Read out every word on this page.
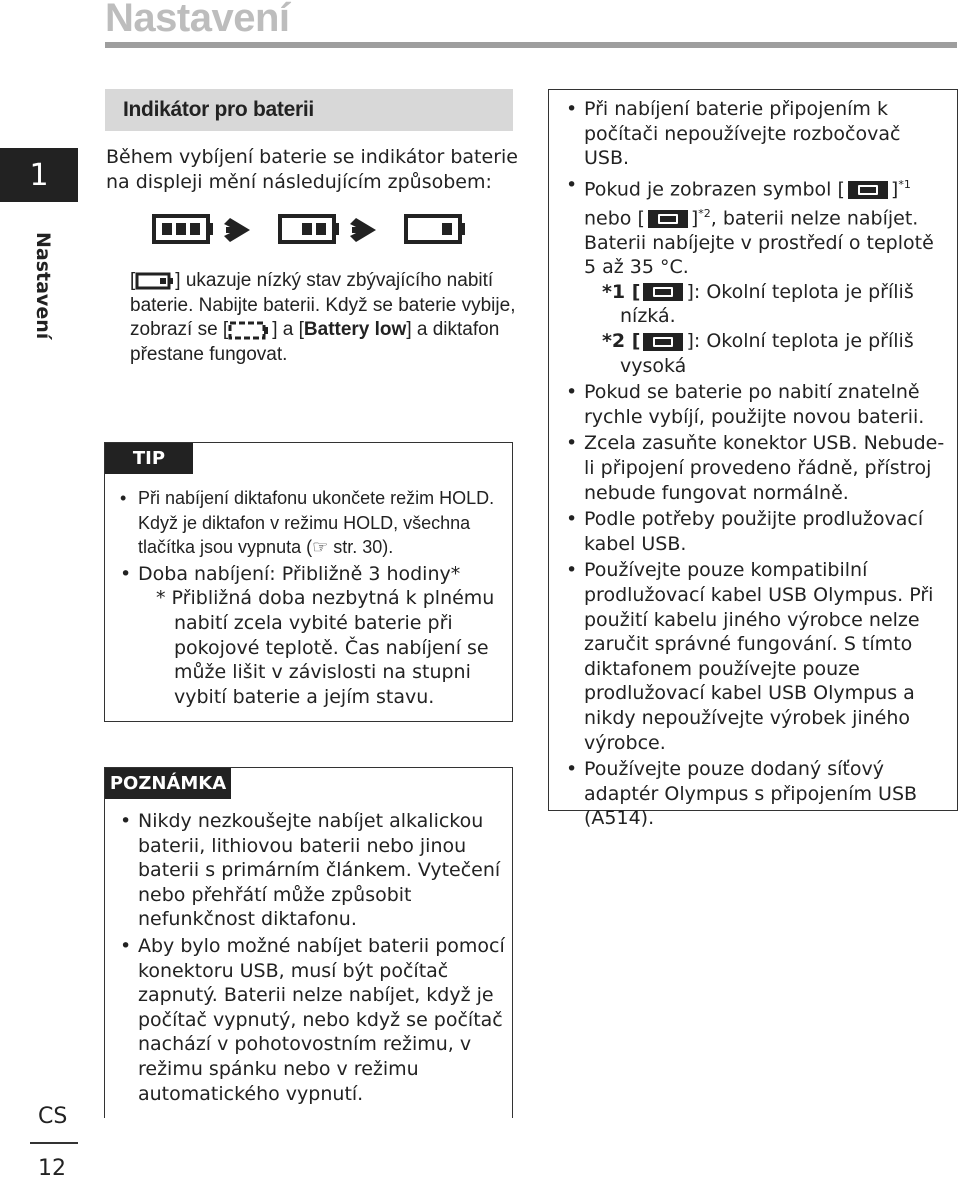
Nastavení
1
Nastavení
CS
12
Indikátor pro baterii
Během vybíjení baterie se indikátor baterie na displeji mění následujícím způsobem:
[ ] ukazuje nízký stav zbývajícího nabití baterie. Nabijte baterii. Když se baterie vybije, zobrazí se [ ] a [Battery low] a diktafon přestane fungovat.
TIP
• Při nabíjení diktafonu ukončete režim HOLD. Když je diktafon v režimu HOLD, všechna tlačítka jsou vypnuta (☞ str. 30).
• Doba nabíjení: Přibližně 3 hodiny*
* Přibližná doba nezbytná k plnému nabití zcela vybité baterie při pokojové teplotě. Čas nabíjení se může lišit v závislosti na stupni vybití baterie a jejím stavu.
POZNÁMKA
• Nikdy nezkoušejte nabíjet alkalickou baterii, lithiovou baterii nebo jinou baterii s primárním článkem. Vytečení nebo přehřátí může způsobit nefunkčnost diktafonu.
• Aby bylo možné nabíjet baterii pomocí konektoru USB, musí být počítač zapnutý. Baterii nelze nabíjet, když je počítač vypnutý, nebo když se počítač nachází v pohotovostním režimu, v režimu spánku nebo v režimu automatického vypnutí.
• Při nabíjení baterie připojením k počítači nepoužívejte rozbočovač USB.
• Pokud je zobrazen symbol [ ]$^{*1}$
nebo [ ]$^{*2}$, baterii nelze nabíjet. Baterii nabíjejte v prostředí o teplotě 5 až 35 °C.
*1 [ ]: Okolní teplota je příliš nízká.
*2 [ ]: Okolní teplota je příliš vysoká
• Pokud se baterie po nabití znatelně rychle vybíjí, použijte novou baterii.
• Zcela zasuňte konektor USB. Nebude-li připojení provedeno řádně, přístroj nebude fungovat normálně.
• Podle potřeby použijte prodlužovací kabel USB.
• Používejte pouze kompatibilní prodlužovací kabel USB Olympus. Při použití kabelu jiného výrobce nelze zaručit správné fungování. S tímto diktafonem používejte pouze prodlužovací kabel USB Olympus a nikdy nepoužívejte výrobek jiného výrobce.
• Používejte pouze dodaný síťový adaptér Olympus s připojením USB (A514).
